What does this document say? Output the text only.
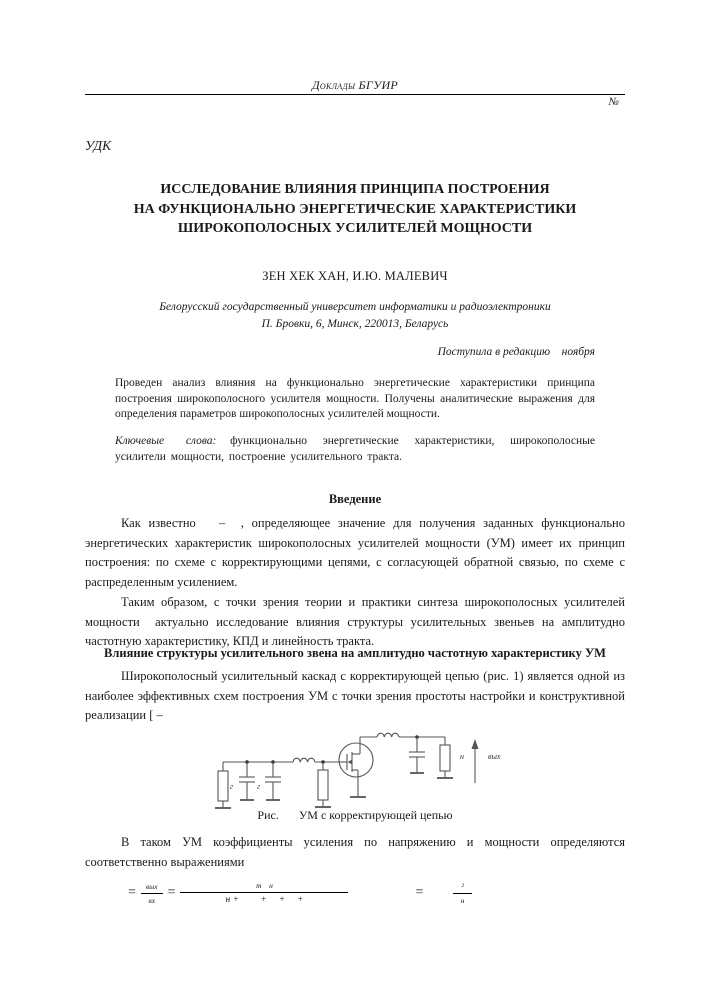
Доклады БГУИР
№
УДК
ИССЛЕДОВАНИЕ ВЛИЯНИЯ ПРИНЦИПА ПОСТРОЕНИЯ
НА ФУНКЦИОНАЛЬНО ЭНЕРГЕТИЧЕСКИЕ ХАРАКТЕРИСТИКИ
ШИРОКОПОЛОСНЫХ УСИЛИТЕЛЕЙ МОЩНОСТИ
ЗЕН ХЕК ХАН, И.Ю. МАЛЕВИЧ
Белорусский государственный университет информатики и радиоэлектроники
П. Бровки, 6, Минск, 220013, Беларусь
Поступила в редакцию    ноября
Проведен анализ влияния на функционально энергетические характеристики принципа построения широкополосного усилителя мощности. Получены аналитические выражения для определения параметров широкополосных усилителей мощности.
Ключевые слова: функционально энергетические характеристики, широкополосные усилители мощности, построение усилительного тракта.
Введение
Как известно   –  , определяющее значение для получения заданных функционально энергетических характеристик широкополосных усилителей мощности (УМ) имеет их принцип построения: по схеме с корректирующими цепями, с согласующей обратной связью, по схеме с распределенным усилением.
Таким образом, с точки зрения теории и практики синтеза широкополосных усилителей мощности  актуально исследование влияния структуры усилительных звеньев на амплитудно частотную характеристику, КПД и линейность тракта.
Влияние структуры усилительного звена на амплитудно частотную характеристику УМ
Широкополосный усилительный каскад с корректирующей цепью (рис. 1) является одной из наиболее эффективных схем построения УМ с точки зрения простоты настройки и конструктивной реализации [ –
г	г
н	вых
Рис. УМ с корректирующей цепью
В таком УМ коэффициенты усиления по напряжению и мощности определяются соответственно выражениями
= $\frac{\text{вых}}{вх} = \frac{\text{m    н}}{н + + + +}$	=	$\frac{\text{²}}{н}$
